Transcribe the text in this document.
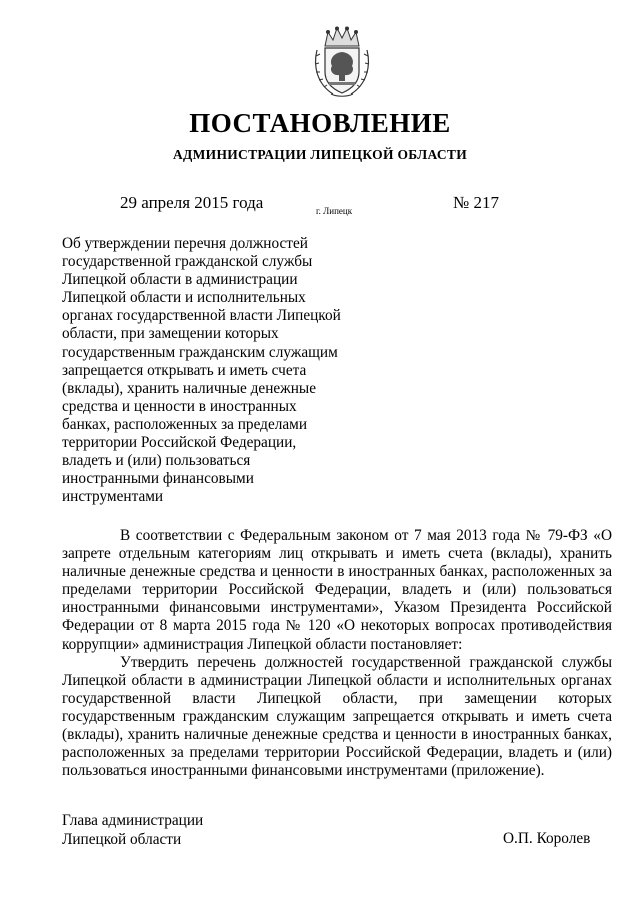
ПОСТАНОВЛЕНИЕ
АДМИНИСТРАЦИИ ЛИПЕЦКОЙ ОБЛАСТИ
29 апреля 2015 года	г. Липецк	№ 217
Об утверждении перечня должностей
государственной гражданской службы
Липецкой области в администрации
Липецкой области и исполнительных
органах государственной власти Липецкой
области, при замещении которых
государственным гражданским служащим
запрещается открывать и иметь счета
(вклады), хранить наличные денежные
средства и ценности в иностранных
банках, расположенных за пределами
территории Российской Федерации,
владеть и (или) пользоваться
иностранными финансовыми
инструментами
В соответствии с Федеральным законом от 7 мая 2013 года № 79-ФЗ «О
запрете отдельным категориям лиц открывать и иметь счета (вклады), хранить
наличные денежные средства и ценности в иностранных банках, расположенных за
пределами территории Российской Федерации, владеть и (или) пользоваться
иностранными финансовыми инструментами», Указом Президента Российской
Федерации от 8 марта 2015 года № 120 «О некоторых вопросах противодействия
коррупции» администрация Липецкой области постановляет:
Утвердить перечень должностей государственной гражданской службы
Липецкой области в администрации Липецкой области и исполнительных органах
государственной власти Липецкой области, при замещении которых
государственным гражданским служащим запрещается открывать и иметь счета
(вклады), хранить наличные денежные средства и ценности в иностранных банках,
расположенных за пределами территории Российской Федерации, владеть и (или)
пользоваться иностранными финансовыми инструментами (приложение).
Глава администрации
Липецкой области	О.П. Королев
